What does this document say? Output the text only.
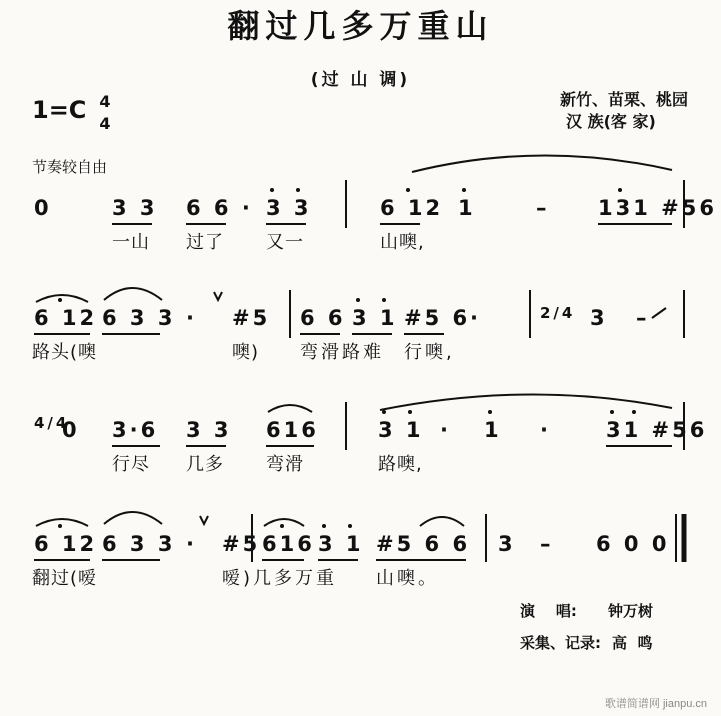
翻过几多万重山
(过 山 调)
1=C 4
4
新竹、苗栗、桃园
汉 族(客 家)
节奏较自由
0	3 3 6 6 · 3 3	6 12 1	– 131 #56
一山 过了 又一	山噢,
6 12 6 3 3 · #5 6 6 3 1 #5 6 ·	2/4 3 –
路头(噢	噢) 弯滑路难 行噢,
4/4
0 3·6 3 3 616	3 1 · 1 ·	31 #56
行尽 几多 弯滑	路噢,
6 12 6 3 3 · #5 616 3 1 #5 6 6 3 – 6 0 0
翻过(嗳	嗳)几多万重 山噢。
演    唱: 钟万树
采集、记录: 高  鸣
歌谱简谱网 jianpu.cn
